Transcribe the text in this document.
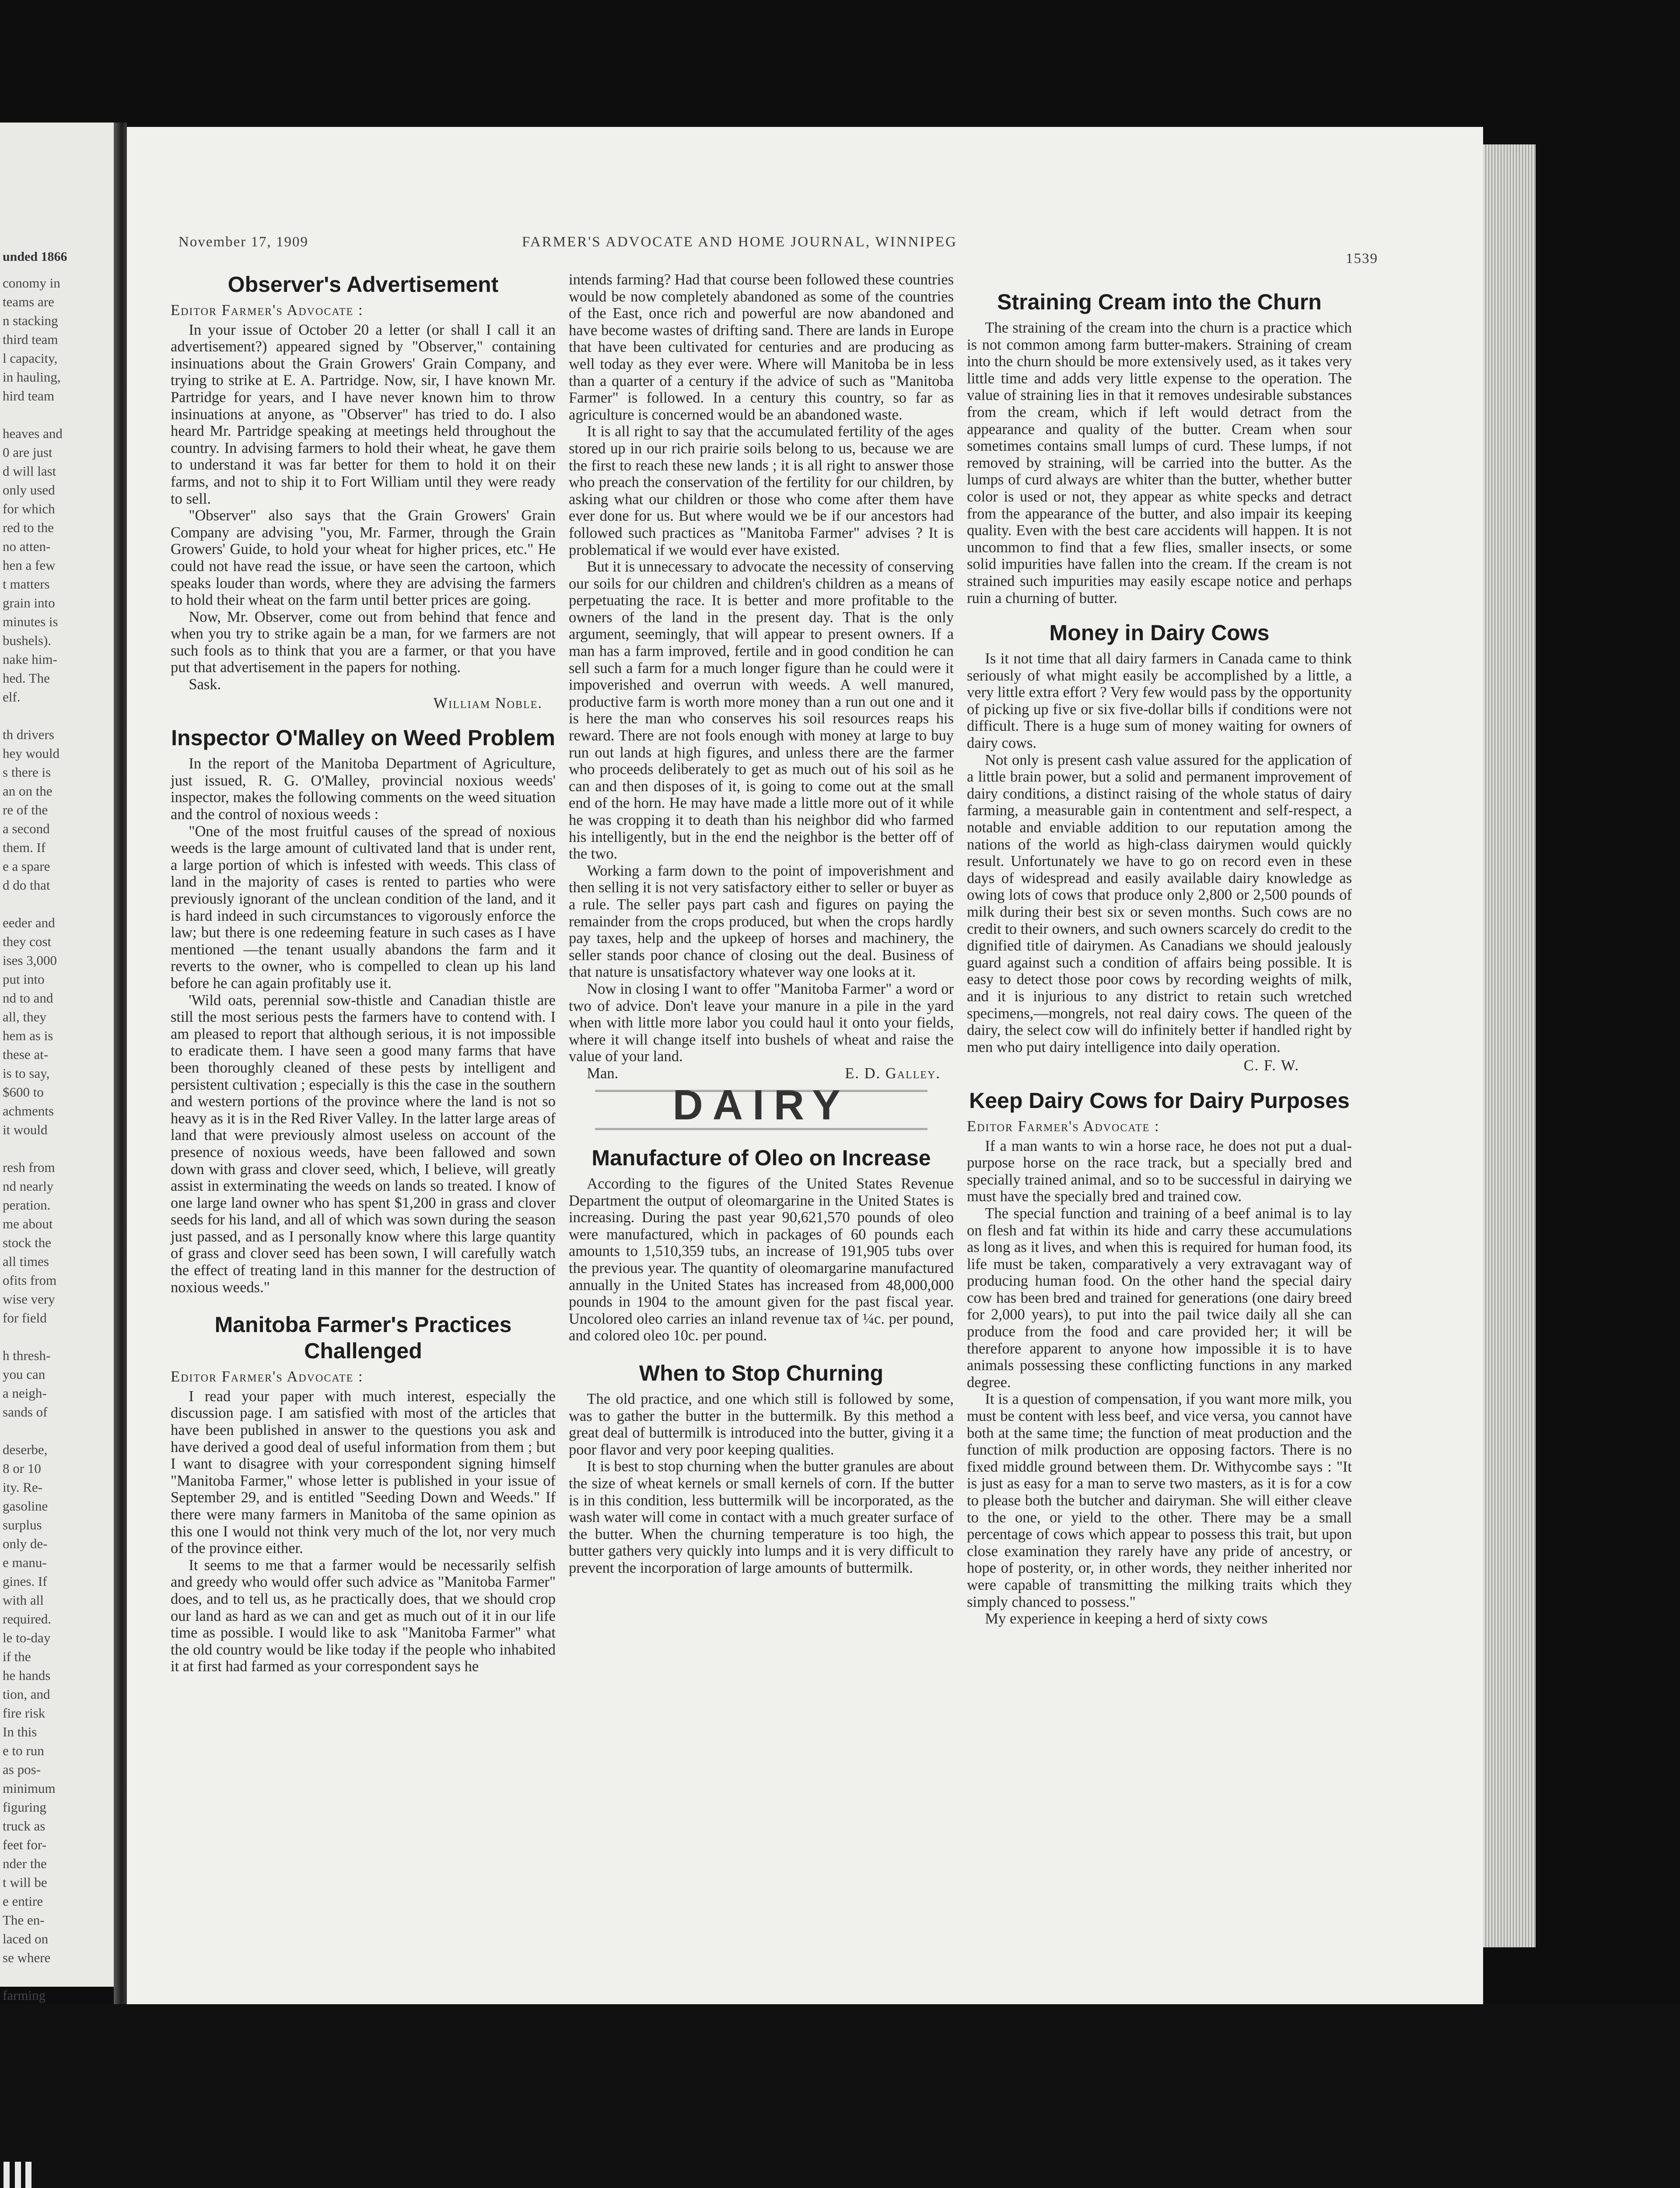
unded 1866
conomy in
teams are
n stacking
third team
l capacity,
in hauling,
hird team

heaves and
0 are just
d will last
only used
for which
red to the
no atten-
hen a few
t matters
grain into
minutes is
bushels).
nake him-
hed. The
elf.

th drivers
hey would
s there is
an on the
re of the
a second
them. If
e a spare
d do that

eeder and
they cost
ises 3,000
put into
nd to and
all, they
hem as is
these at-
is to say,
$600 to
achments
it would

resh from
nd nearly
peration.
me about
stock the
all times
ofits from
wise very
for field

h thresh-
you can
a neigh-
sands of

deserbe,
8 or 10
ity. Re-
gasoline
surplus
only de-
e manu-
gines. If
with all
required.
le to-day
if the
he hands
tion, and
fire risk
In this
e to run
as pos-
minimum
figuring
truck as
feet for-
nder the
t will be
e entire
The en-
laced on
se where

farming
November 17, 1909	FARMER'S ADVOCATE AND HOME JOURNAL, WINNIPEG
1539
Observer's Advertisement

Editor Farmer's Advocate :

In your issue of October 20 a letter (or shall I call it an advertisement?) appeared signed by "Observer," containing insinuations about the Grain Growers' Grain Company, and trying to strike at E. A. Partridge. Now, sir, I have known Mr. Partridge for years, and I have never known him to throw insinuations at anyone, as "Observer" has tried to do. I also heard Mr. Partridge speaking at meetings held throughout the country. In advising farmers to hold their wheat, he gave them to understand it was far better for them to hold it on their farms, and not to ship it to Fort William until they were ready to sell.

"Observer" also says that the Grain Growers' Grain Company are advising "you, Mr. Farmer, through the Grain Growers' Guide, to hold your wheat for higher prices, etc." He could not have read the issue, or have seen the cartoon, which speaks louder than words, where they are advising the farmers to hold their wheat on the farm until better prices are going.

Now, Mr. Observer, come out from behind that fence and when you try to strike again be a man, for we farmers are not such fools as to think that you are a farmer, or that you have put that advertisement in the papers for nothing.

Sask.

William Noble.

Inspector O'Malley on Weed Problem

In the report of the Manitoba Department of Agriculture, just issued, R. G. O'Malley, provincial noxious weeds' inspector, makes the following comments on the weed situation and the control of noxious weeds :

"One of the most fruitful causes of the spread of noxious weeds is the large amount of cultivated land that is under rent, a large portion of which is infested with weeds. This class of land in the majority of cases is rented to parties who were previously ignorant of the unclean condition of the land, and it is hard indeed in such circumstances to vigorously enforce the law; but there is one redeeming feature in such cases as I have mentioned —the tenant usually abandons the farm and it reverts to the owner, who is compelled to clean up his land before he can again profitably use it.

'Wild oats, perennial sow-thistle and Canadian thistle are still the most serious pests the farmers have to contend with. I am pleased to report that although serious, it is not impossible to eradicate them. I have seen a good many farms that have been thoroughly cleaned of these pests by intelligent and persistent cultivation ; especially is this the case in the southern and western portions of the province where the land is not so heavy as it is in the Red River Valley. In the latter large areas of land that were previously almost useless on account of the presence of noxious weeds, have been fallowed and sown down with grass and clover seed, which, I believe, will greatly assist in exterminating the weeds on lands so treated. I know of one large land owner who has spent $1,200 in grass and clover seeds for his land, and all of which was sown during the season just passed, and as I personally know where this large quantity of grass and clover seed has been sown, I will carefully watch the effect of treating land in this manner for the destruction of noxious weeds."

Manitoba Farmer's Practices Challenged

Editor Farmer's Advocate :

I read your paper with much interest, especially the discussion page. I am satisfied with most of the articles that have been published in answer to the questions you ask and have derived a good deal of useful information from them ; but I want to disagree with your correspondent signing himself "Manitoba Farmer," whose letter is published in your issue of September 29, and is entitled "Seeding Down and Weeds." If there were many farmers in Manitoba of the same opinion as this one I would not think very much of the lot, nor very much of the province either.

It seems to me that a farmer would be necessarily selfish and greedy who would offer such advice as "Manitoba Farmer" does, and to tell us, as he practically does, that we should crop our land as hard as we can and get as much out of it in our life time as possible. I would like to ask "Manitoba Farmer" what the old country would be like today if the people who inhabited it at first had farmed as your correspondent says he

intends farming? Had that course been followed these countries would be now completely abandoned as some of the countries of the East, once rich and powerful are now abandoned and have become wastes of drifting sand. There are lands in Europe that have been cultivated for centuries and are producing as well today as they ever were. Where will Manitoba be in less than a quarter of a century if the advice of such as "Manitoba Farmer" is followed. In a century this country, so far as agriculture is concerned would be an abandoned waste.

It is all right to say that the accumulated fertility of the ages stored up in our rich prairie soils belong to us, because we are the first to reach these new lands ; it is all right to answer those who preach the conservation of the fertility for our children, by asking what our children or those who come after them have ever done for us. But where would we be if our ancestors had followed such practices as "Manitoba Farmer" advises ? It is problematical if we would ever have existed.

But it is unnecessary to advocate the necessity of conserving our soils for our children and children's children as a means of perpetuating the race. It is better and more profitable to the owners of the land in the present day. That is the only argument, seemingly, that will appear to present owners. If a man has a farm improved, fertile and in good condition he can sell such a farm for a much longer figure than he could were it impoverished and overrun with weeds. A well manured, productive farm is worth more money than a run out one and it is here the man who conserves his soil resources reaps his reward. There are not fools enough with money at large to buy run out lands at high figures, and unless there are the farmer who proceeds deliberately to get as much out of his soil as he can and then disposes of it, is going to come out at the small end of the horn. He may have made a little more out of it while he was cropping it to death than his neighbor did who farmed his intelligently, but in the end the neighbor is the better off of the two.

Working a farm down to the point of impoverishment and then selling it is not very satisfactory either to seller or buyer as a rule. The seller pays part cash and figures on paying the remainder from the crops produced, but when the crops hardly pay taxes, help and the upkeep of horses and machinery, the seller stands poor chance of closing out the deal. Business of that nature is unsatisfactory whatever way one looks at it.

Now in closing I want to offer "Manitoba Farmer" a word or two of advice. Don't leave your manure in a pile in the yard when with little more labor you could haul it onto your fields, where it will change itself into bushels of wheat and raise the value of your land.

Man.	E. D. Galley.
DAIRY
Manufacture of Oleo on Increase

According to the figures of the United States Revenue Department the output of oleomargarine in the United States is increasing. During the past year 90,621,570 pounds of oleo were manufactured, which in packages of 60 pounds each amounts to 1,510,359 tubs, an increase of 191,905 tubs over the previous year. The quantity of oleomargarine manufactured annually in the United States has increased from 48,000,000 pounds in 1904 to the amount given for the past fiscal year. Uncolored oleo carries an inland revenue tax of ¼c. per pound, and colored oleo 10c. per pound.

When to Stop Churning

The old practice, and one which still is followed by some, was to gather the butter in the buttermilk. By this method a great deal of buttermilk is introduced into the butter, giving it a poor flavor and very poor keeping qualities.

It is best to stop churning when the butter granules are about the size of wheat kernels or small kernels of corn. If the butter is in this condition, less buttermilk will be incorporated, as the wash water will come in contact with a much greater surface of the butter. When the churning temperature is too high, the butter gathers very quickly into lumps and it is very difficult to prevent the incorporation of large amounts of buttermilk.

Straining Cream into the Churn

The straining of the cream into the churn is a practice which is not common among farm butter-makers. Straining of cream into the churn should be more extensively used, as it takes very little time and adds very little expense to the operation. The value of straining lies in that it removes undesirable substances from the cream, which if left would detract from the appearance and quality of the butter. Cream when sour sometimes contains small lumps of curd. These lumps, if not removed by straining, will be carried into the butter. As the lumps of curd always are whiter than the butter, whether butter color is used or not, they appear as white specks and detract from the appearance of the butter, and also impair its keeping quality. Even with the best care accidents will happen. It is not uncommon to find that a few flies, smaller insects, or some solid impurities have fallen into the cream. If the cream is not strained such impurities may easily escape notice and perhaps ruin a churning of butter.

Money in Dairy Cows

Is it not time that all dairy farmers in Canada came to think seriously of what might easily be accomplished by a little, a very little extra effort ? Very few would pass by the opportunity of picking up five or six five-dollar bills if conditions were not difficult. There is a huge sum of money waiting for owners of dairy cows.

Not only is present cash value assured for the application of a little brain power, but a solid and permanent improvement of dairy conditions, a distinct raising of the whole status of dairy farming, a measurable gain in contentment and self-respect, a notable and enviable addition to our reputation among the nations of the world as high-class dairymen would quickly result. Unfortunately we have to go on record even in these days of widespread and easily available dairy knowledge as owing lots of cows that produce only 2,800 or 2,500 pounds of milk during their best six or seven months. Such cows are no credit to their owners, and such owners scarcely do credit to the dignified title of dairymen. As Canadians we should jealously guard against such a condition of affairs being possible. It is easy to detect those poor cows by recording weights of milk, and it is injurious to any district to retain such wretched specimens,—mongrels, not real dairy cows. The queen of the dairy, the select cow will do infinitely better if handled right by men who put dairy intelligence into daily operation.

C. F. W.

Keep Dairy Cows for Dairy Purposes

Editor Farmer's Advocate :

If a man wants to win a horse race, he does not put a dual-purpose horse on the race track, but a specially bred and specially trained animal, and so to be successful in dairying we must have the specially bred and trained cow.

The special function and training of a beef animal is to lay on flesh and fat within its hide and carry these accumulations as long as it lives, and when this is required for human food, its life must be taken, comparatively a very extravagant way of producing human food. On the other hand the special dairy cow has been bred and trained for generations (one dairy breed for 2,000 years), to put into the pail twice daily all she can produce from the food and care provided her; it will be therefore apparent to anyone how impossible it is to have animals possessing these conflicting functions in any marked degree.

It is a question of compensation, if you want more milk, you must be content with less beef, and vice versa, you cannot have both at the same time; the function of meat production and the function of milk production are opposing factors. There is no fixed middle ground between them. Dr. Withycombe says : "It is just as easy for a man to serve two masters, as it is for a cow to please both the butcher and dairyman. She will either cleave to the one, or yield to the other. There may be a small percentage of cows which appear to possess this trait, but upon close examination they rarely have any pride of ancestry, or hope of posterity, or, in other words, they neither inherited nor were capable of transmitting the milking traits which they simply chanced to possess."

My experience in keeping a herd of sixty cows
